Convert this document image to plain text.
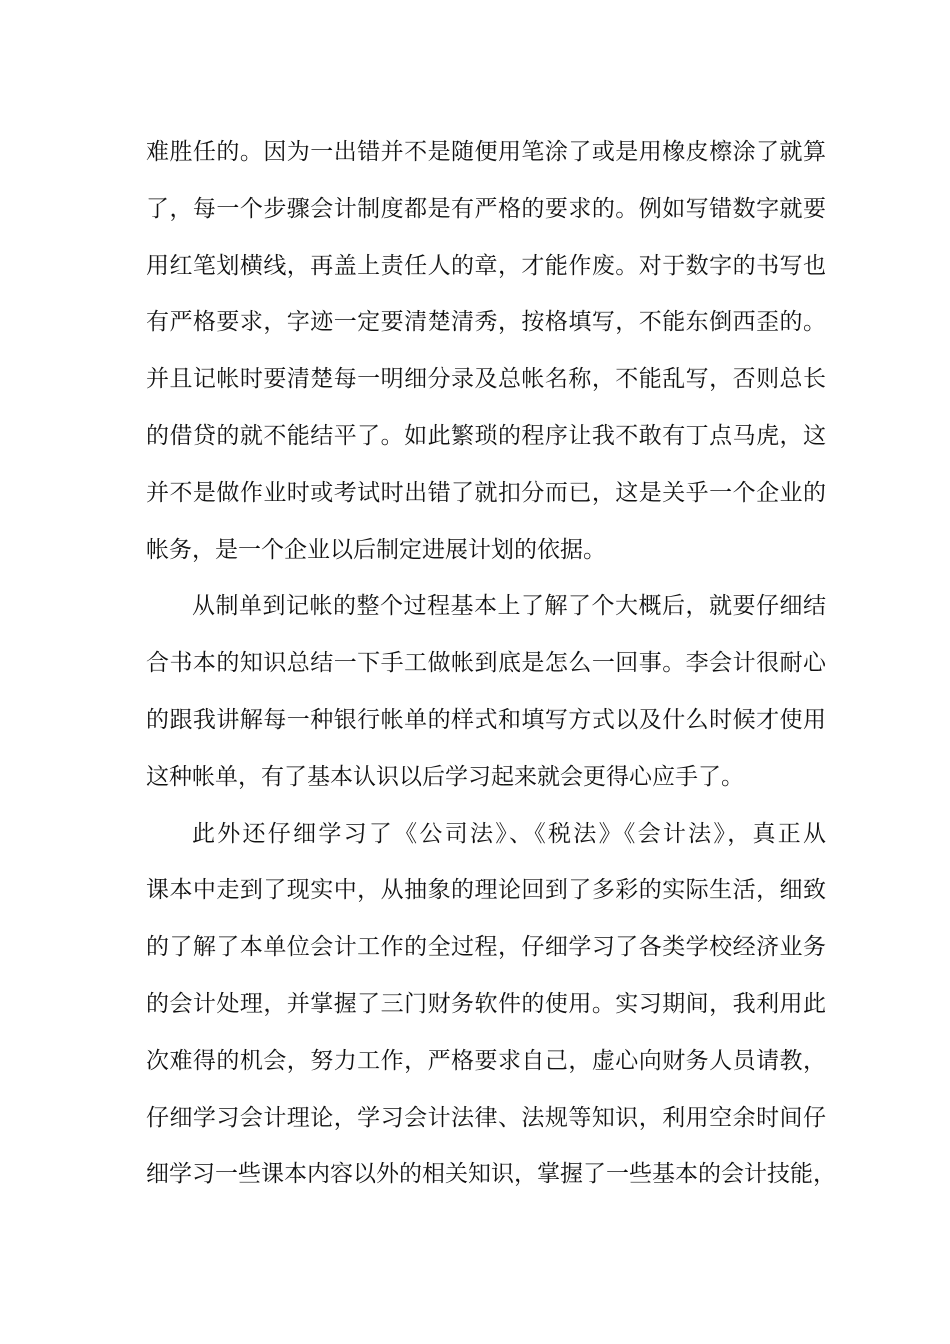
难胜任的。因为一出错并不是随便用笔涂了或是用橡皮檫涂了就算
了，每一个步骤会计制度都是有严格的要求的。例如写错数字就要
用红笔划横线，再盖上责任人的章，才能作废。对于数字的书写也
有严格要求，字迹一定要清楚清秀，按格填写，不能东倒西歪的。
并且记帐时要清楚每一明细分录及总帐名称，不能乱写，否则总长
的借贷的就不能结平了。如此繁琐的程序让我不敢有丁点马虎，这
并不是做作业时或考试时出错了就扣分而已，这是关乎一个企业的
帐务，是一个企业以后制定进展计划的依据。
从制单到记帐的整个过程基本上了解了个大概后，就要仔细结
合书本的知识总结一下手工做帐到底是怎么一回事。李会计很耐心
的跟我讲解每一种银行帐单的样式和填写方式以及什么时候才使用
这种帐单，有了基本认识以后学习起来就会更得心应手了。
此外还仔细学习了《公司法》、《税法》《会计法》，真正从
课本中走到了现实中，从抽象的理论回到了多彩的实际生活，细致
的了解了本单位会计工作的全过程，仔细学习了各类学校经济业务
的会计处理，并掌握了三门财务软件的使用。实习期间，我利用此
次难得的机会，努力工作，严格要求自己，虚心向财务人员请教，
仔细学习会计理论，学习会计法律、法规等知识，利用空余时间仔
细学习一些课本内容以外的相关知识，掌握了一些基本的会计技能，
